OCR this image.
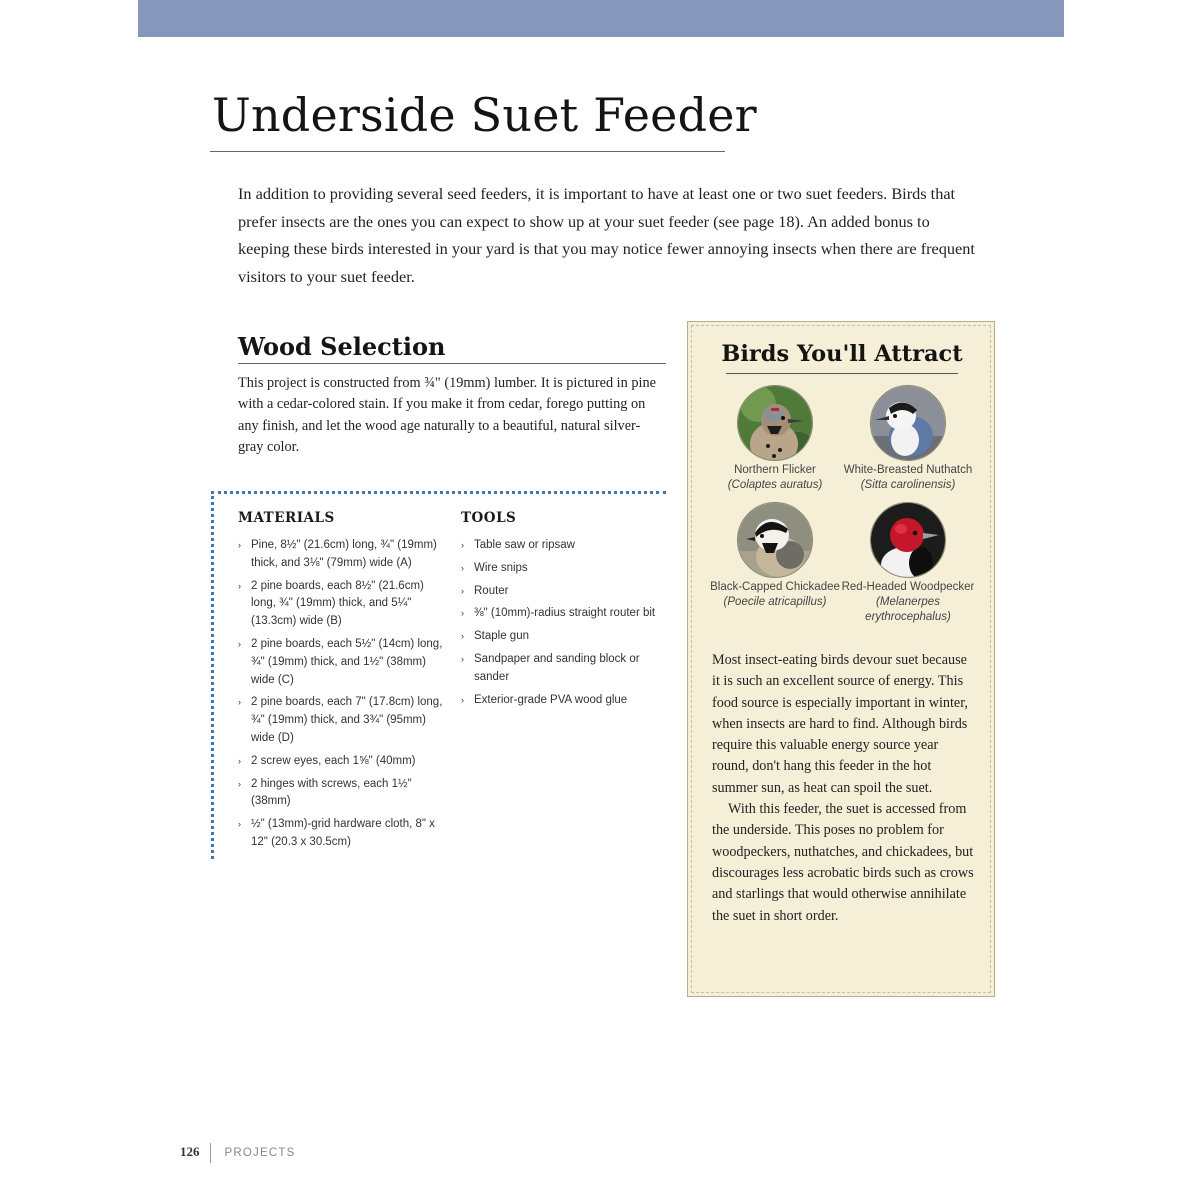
Underside Suet Feeder

In addition to providing several seed feeders, it is important to have at least one or two suet feeders. Birds that prefer insects are the ones you can expect to show up at your suet feeder (see page 18). An added bonus to keeping these birds interested in your yard is that you may notice fewer annoying insects when there are frequent visitors to your suet feeder.

Wood Selection

This project is constructed from ¾" (19mm) lumber. It is pictured in pine with a cedar-colored stain. If you make it from cedar, forego putting on any finish, and let the wood age naturally to a beautiful, natural silver-gray color.

MATERIALS
› Pine, 8½" (21.6cm) long, ¾" (19mm) thick, and 3⅛" (79mm) wide (A)
› 2 pine boards, each 8½" (21.6cm) long, ¾" (19mm) thick, and 5¼" (13.3cm) wide (B)
› 2 pine boards, each 5½" (14cm) long, ¾" (19mm) thick, and 1½" (38mm) wide (C)
› 2 pine boards, each 7" (17.8cm) long, ¾" (19mm) thick, and 3¾" (95mm) wide (D)
› 2 screw eyes, each 1⅝" (40mm)
› 2 hinges with screws, each 1½" (38mm)
› ½" (13mm)-grid hardware cloth, 8" x 12" (20.3 x 30.5cm)
TOOLS
› Table saw or ripsaw
› Wire snips
› Router
› ⅜" (10mm)-radius straight router bit
› Staple gun
› Sandpaper and sanding block or sander
› Exterior-grade PVA wood glue
Birds You'll Attract
Northern Flicker
(Colaptes auratus)
White-Breasted Nuthatch
(Sitta carolinensis)
Black-Capped Chickadee
(Poecile atricapillus)
Red-Headed Woodpecker
(Melanerpes erythrocephalus)

Most insect-eating birds devour suet because it is such an excellent source of energy. This food source is especially important in winter, when insects are hard to find. Although birds require this valuable energy source year round, don't hang this feeder in the hot summer sun, as heat can spoil the suet.

With this feeder, the suet is accessed from the underside. This poses no problem for woodpeckers, nuthatches, and chickadees, but discourages less acrobatic birds such as crows and starlings that would otherwise annihilate the suet in short order.

126 PROJECTS
